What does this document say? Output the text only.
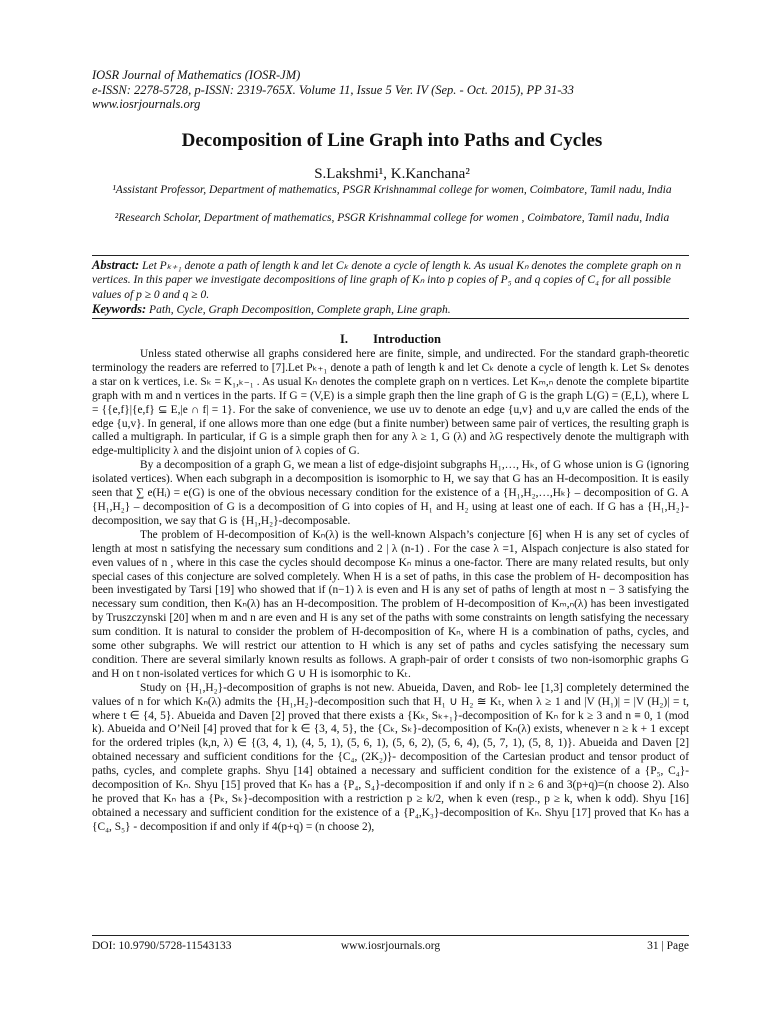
IOSR Journal of Mathematics (IOSR-JM)
e-ISSN: 2278-5728, p-ISSN: 2319-765X. Volume 11, Issue 5 Ver. IV (Sep. - Oct. 2015), PP 31-33
www.iosrjournals.org
Decomposition of Line Graph into Paths and Cycles
S.Lakshmi¹, K.Kanchana²
¹Assistant Professor, Department of mathematics, PSGR Krishnammal college for women, Coimbatore, Tamil nadu, India
²Research Scholar, Department of mathematics, PSGR Krishnammal college for women , Coimbatore, Tamil nadu, India
Abstract: Let Pₖ₊₁ denote a path of length k and let Cₖ denote a cycle of length k. As usual Kₙ denotes the complete graph on n vertices. In this paper we investigate decompositions of line graph of Kₙ into p copies of P₅ and q copies of C₄ for all possible values of p ≥ 0 and q ≥ 0.
Keywords: Path, Cycle, Graph Decomposition, Complete graph, Line graph.
I. Introduction

Unless stated otherwise all graphs considered here are finite, simple, and undirected. For the standard graph-theoretic terminology the readers are referred to [7].Let Pₖ₊₁ denote a path of length k and let Cₖ denote a cycle of length k. Let Sₖ denotes a star on k vertices, i.e. Sₖ = K₁,ₖ₋₁ . As usual Kₙ denotes the complete graph on n vertices. Let Kₘ,ₙ denote the complete bipartite graph with m and n vertices in the parts. If G = (V,E) is a simple graph then the line graph of G is the graph L(G) = (E,L), where L = {{e,f}|{e,f} ⊆ E,|e ∩ f| = 1}. For the sake of convenience, we use uv to denote an edge {u,v} and u,v are called the ends of the edge {u,v}. In general, if one allows more than one edge (but a finite number) between same pair of vertices, the resulting graph is called a multigraph. In particular, if G is a simple graph then for any λ ≥ 1, G (λ) and λG respectively denote the multigraph with edge-multiplicity λ and the disjoint union of λ copies of G.

By a decomposition of a graph G, we mean a list of edge-disjoint subgraphs H₁,…, Hₖ, of G whose union is G (ignoring isolated vertices). When each subgraph in a decomposition is isomorphic to H, we say that G has an H-decomposition. It is easily seen that ∑ e(Hᵢ) = e(G) is one of the obvious necessary condition for the existence of a {H₁,H₂,…,Hₖ} – decomposition of G. A {H₁,H₂} – decomposition of G is a decomposition of G into copies of H₁ and H₂ using at least one of each. If G has a {H₁,H₂}-decomposition, we say that G is {H₁,H₂}-decomposable.

The problem of H-decomposition of Kₙ(λ) is the well-known Alspach’s conjecture [6] when H is any set of cycles of length at most n satisfying the necessary sum conditions and 2 | λ (n-1) . For the case λ =1, Alspach conjecture is also stated for even values of n , where in this case the cycles should decompose Kₙ minus a one-factor. There are many related results, but only special cases of this conjecture are solved completely. When H is a set of paths, in this case the problem of H- decomposition has been investigated by Tarsi [19] who showed that if (n−1) λ is even and H is any set of paths of length at most n − 3 satisfying the necessary sum condition, then Kₙ(λ) has an H-decomposition. The problem of H-decomposition of Kₘ,ₙ(λ) has been investigated by Truszczynski [20] when m and n are even and H is any set of the paths with some constraints on length satisfying the necessary sum condition. It is natural to consider the problem of H-decomposition of Kₙ, where H is a combination of paths, cycles, and some other subgraphs. We will restrict our attention to H which is any set of paths and cycles satisfying the necessary sum condition. There are several similarly known results as follows. A graph-pair of order t consists of two non-isomorphic graphs G and H on t non-isolated vertices for which G ∪ H is isomorphic to Kₜ.

Study on {H₁,H₂}-decomposition of graphs is not new. Abueida, Daven, and Rob- lee [1,3] completely determined the values of n for which Kₙ(λ) admits the {H₁,H₂}-decomposition such that H₁ ∪ H₂ ≅ Kₜ, when λ ≥ 1 and |V (H₁)| = |V (H₂)| = t, where t ∈ {4, 5}. Abueida and Daven [2] proved that there exists a {Kₖ, Sₖ₊₁}-decomposition of Kₙ for k ≥ 3 and n ≡ 0, 1 (mod k). Abueida and O’Neil [4] proved that for k ∈ {3, 4, 5}, the {Cₖ, Sₖ}-decomposition of Kₙ(λ) exists, whenever n ≥ k + 1 except for the ordered triples (k,n, λ) ∈ {(3, 4, 1), (4, 5, 1), (5, 6, 1), (5, 6, 2), (5, 6, 4), (5, 7, 1), (5, 8, 1)}. Abueida and Daven [2] obtained necessary and sufficient conditions for the {C₄, (2K₂)}- decomposition of the Cartesian product and tensor product of paths, cycles, and complete graphs. Shyu [14] obtained a necessary and sufficient condition for the existence of a {P₅, C₄}-decomposition of Kₙ. Shyu [15] proved that Kₙ has a {P₄, S₄}-decomposition if and only if n ≥ 6 and 3(p+q)=(n choose 2). Also he proved that Kₙ has a {Pₖ, Sₖ}-decomposition with a restriction p ≥ k/2, when k even (resp., p ≥ k, when k odd). Shyu [16] obtained a necessary and sufficient condition for the existence of a {P₄,K₃}-decomposition of Kₙ. Shyu [17] proved that Kₙ has a {C₄, S₅} - decomposition if and only if 4(p+q) = (n choose 2),

DOI: 10.9790/5728-11543133	www.iosrjournals.org	31 | Page
